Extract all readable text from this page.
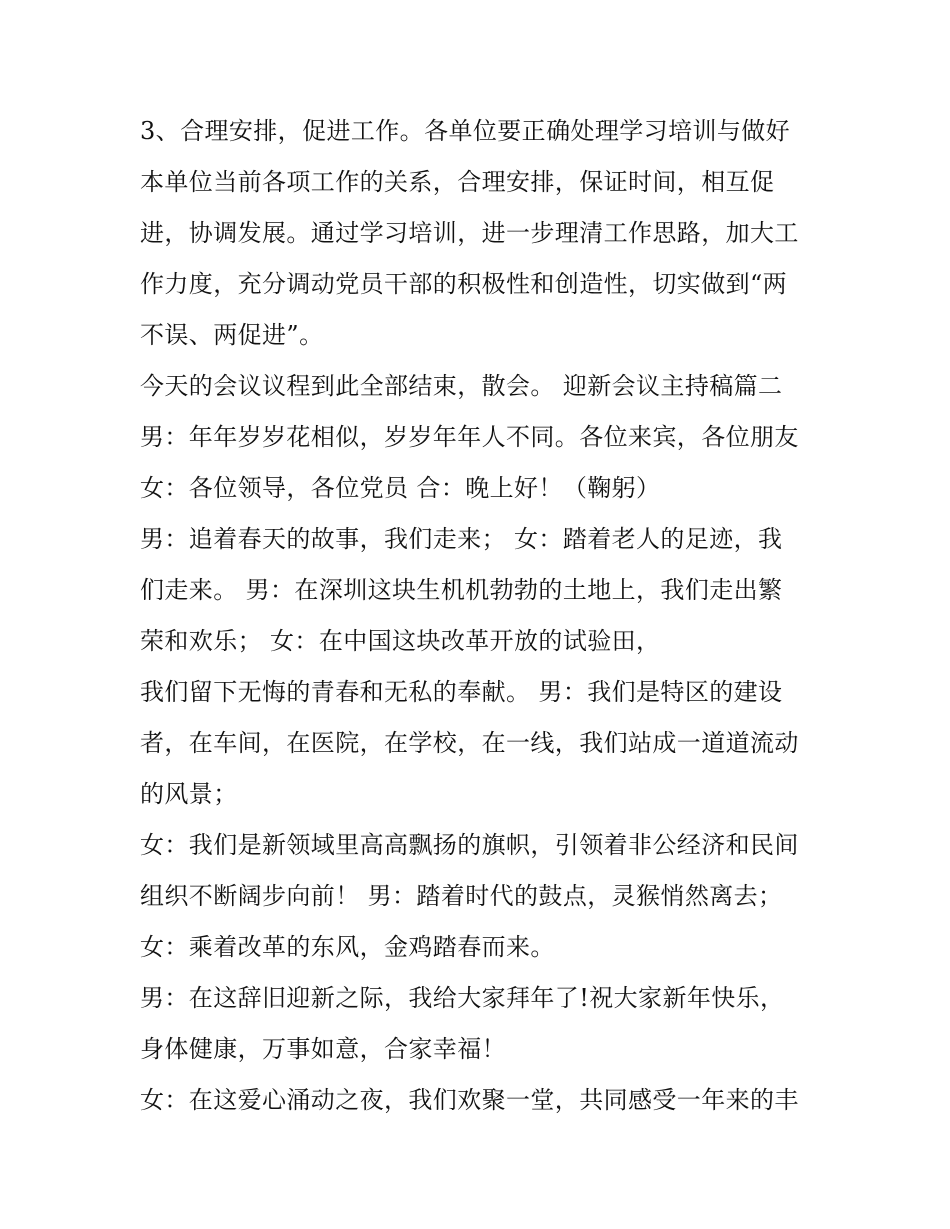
3、合理安排，促进工作。各单位要正确处理学习培训与做好
本单位当前各项工作的关系，合理安排，保证时间，相互促
进，协调发展。通过学习培训，进一步理清工作思路，加大工
作力度，充分调动党员干部的积极性和创造性，切实做到“两
不误、两促进”。
今天的会议议程到此全部结束，散会。 迎新会议主持稿篇二
男：年年岁岁花相似，岁岁年年人不同。各位来宾，各位朋友
女：各位领导，各位党员 合：晚上好！（鞠躬）
男：追着春天的故事，我们走来； 女：踏着老人的足迹，我
们走来。 男：在深圳这块生机机勃勃的土地上，我们走出繁
荣和欢乐； 女：在中国这块改革开放的试验田，
我们留下无悔的青春和无私的奉献。 男：我们是特区的建设
者，在车间，在医院，在学校，在一线，我们站成一道道流动
的风景；
女：我们是新领域里高高飘扬的旗帜，引领着非公经济和民间
组织不断阔步向前！ 男：踏着时代的鼓点，灵猴悄然离去；
女：乘着改革的东风，金鸡踏春而来。
男：在这辞旧迎新之际，我给大家拜年了!祝大家新年快乐，
身体健康，万事如意，合家幸福！
女：在这爱心涌动之夜，我们欢聚一堂，共同感受一年来的丰
